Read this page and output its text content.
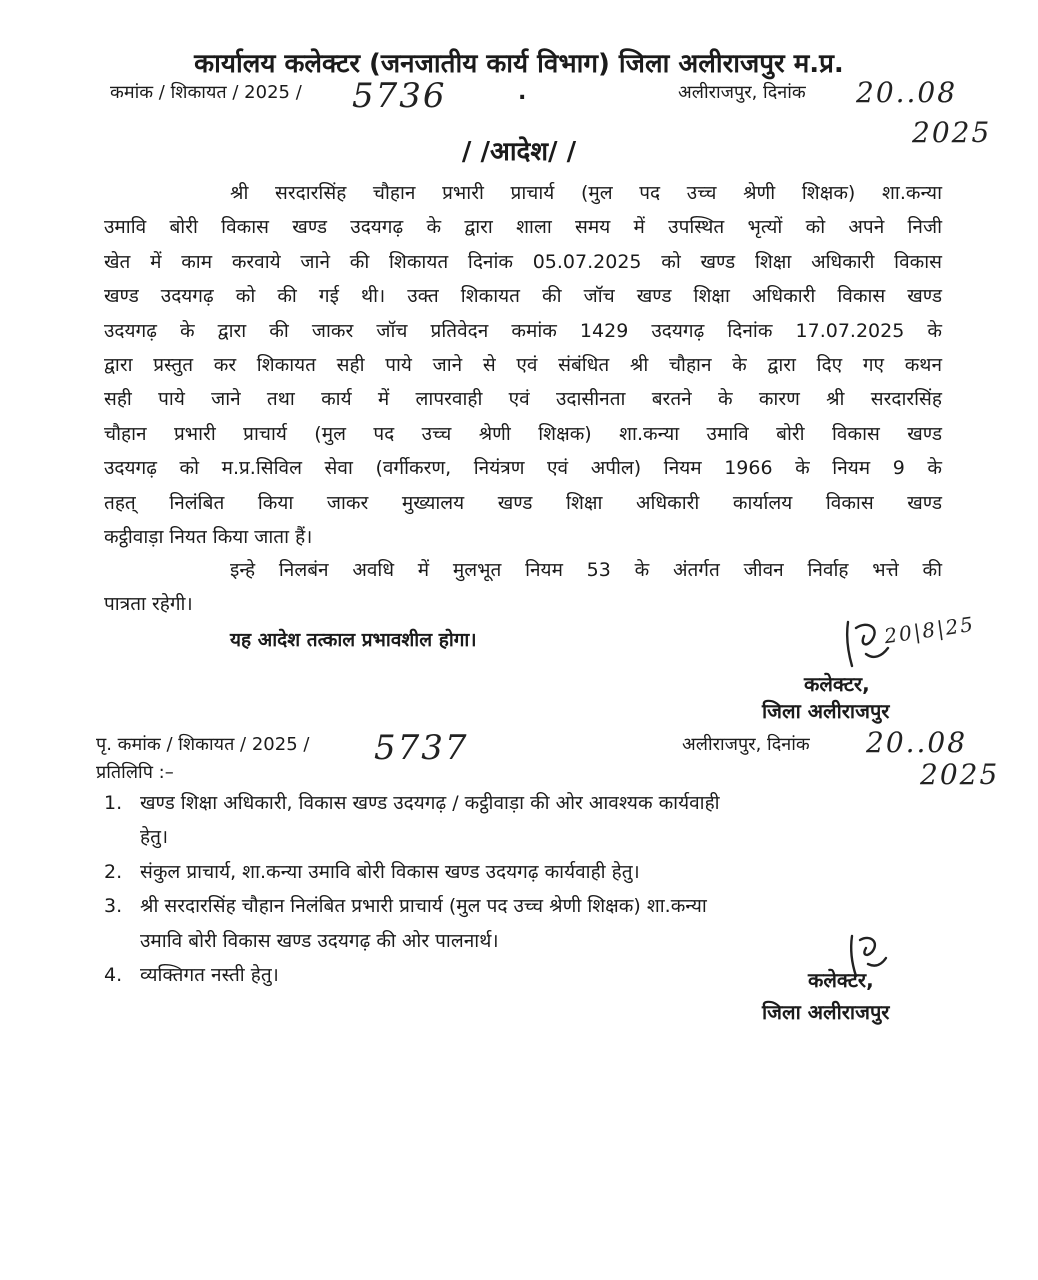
कार्यालय कलेक्टर (जनजातीय कार्य विभाग) जिला अलीराजपुर म.प्र.
कमांक / शिकायत / 2025 / 5736	.	अलीराजपुर, दिनांक 20..08
2025
/ /आदेश/ /
श्री सरदारसिंह चौहान प्रभारी प्राचार्य (मुल पद उच्च श्रेणी शिक्षक) शा.कन्या
उमावि बोरी विकास खण्ड उदयगढ़ के द्वारा शाला समय में उपस्थित भृत्यों को अपने निजी
खेत में काम करवाये जाने की शिकायत दिनांक 05.07.2025 को खण्ड शिक्षा अधिकारी विकास
खण्ड उदयगढ़ को की गई थी। उक्त शिकायत की जॉच खण्ड शिक्षा अधिकारी विकास खण्ड
उदयगढ़ के द्वारा की जाकर जॉच प्रतिवेदन कमांक 1429 उदयगढ़ दिनांक 17.07.2025 के
द्वारा प्रस्तुत कर शिकायत सही पाये जाने से एवं संबंधित श्री चौहान के द्वारा दिए गए कथन
सही पाये जाने तथा कार्य में लापरवाही एवं उदासीनता बरतने के कारण श्री सरदारसिंह
चौहान प्रभारी प्राचार्य (मुल पद उच्च श्रेणी शिक्षक) शा.कन्या उमावि बोरी विकास खण्ड
उदयगढ़ को म.प्र.सिविल सेवा (वर्गीकरण, नियंत्रण एवं अपील) नियम 1966 के नियम 9 के
तहत् निलंबित किया जाकर मुख्यालय खण्ड शिक्षा अधिकारी कार्यालय विकास खण्ड
कट्ठीवाड़ा नियत किया जाता हैं।
इन्हे निलबंन अवधि में मुलभूत नियम 53 के अंतर्गत जीवन निर्वाह भत्ते की
पात्रता रहेगी।
यह आदेश तत्काल प्रभावशील होगा।	20|8|25
कलेक्टर,
जिला अलीराजपुर
पृ. कमांक / शिकायत / 2025 / 5737	अलीराजपुर, दिनांक 20..08
2025
प्रतिलिपि :–
1. खण्ड शिक्षा अधिकारी, विकास खण्ड उदयगढ़ / कट्ठीवाड़ा की ओर आवश्यक कार्यवाही
हेतु।
2. संकुल प्राचार्य, शा.कन्या उमावि बोरी विकास खण्ड उदयगढ़ कार्यवाही हेतु।
3. श्री सरदारसिंह चौहान निलंबित प्रभारी प्राचार्य (मुल पद उच्च श्रेणी शिक्षक) शा.कन्या
उमावि बोरी विकास खण्ड उदयगढ़ की ओर पालनार्थ।
4. व्यक्तिगत नस्ती हेतु।	कलेक्टर,
जिला अलीराजपुर
